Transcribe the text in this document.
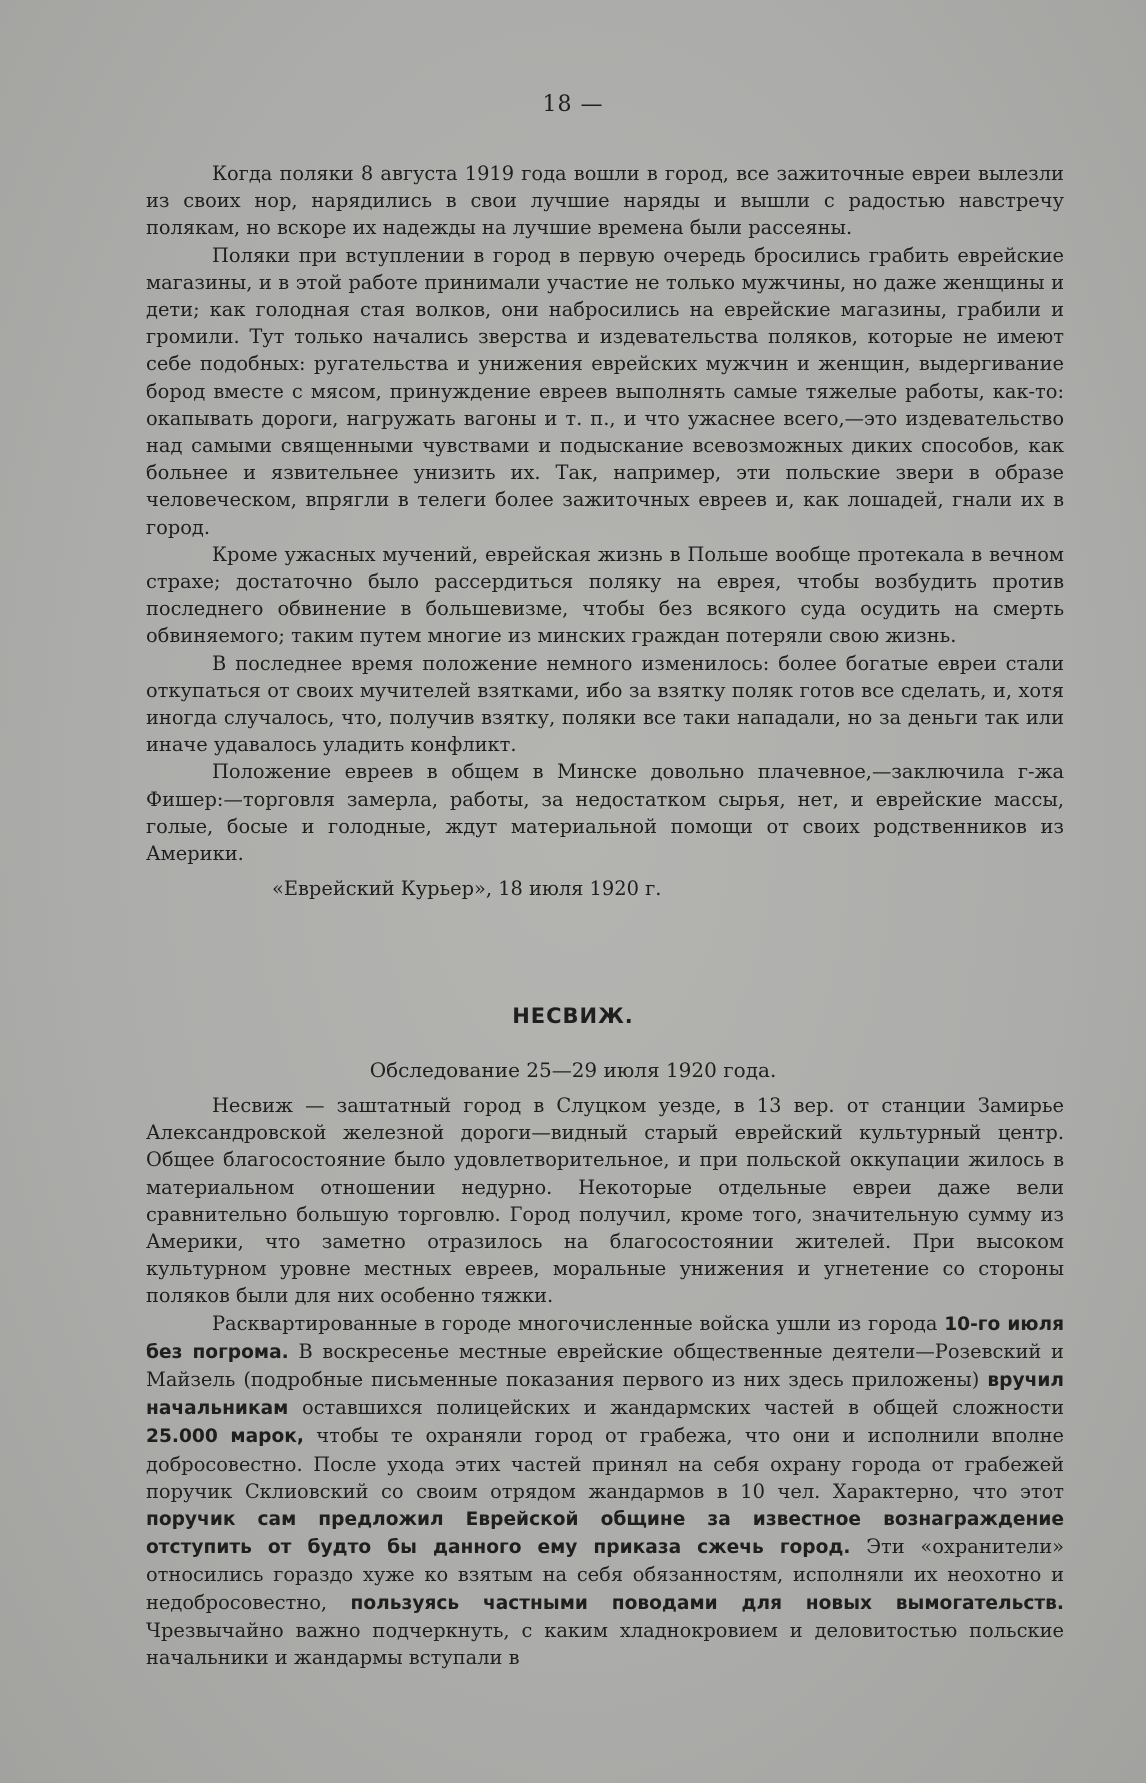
18 —

Когда поляки 8 августа 1919 года вошли в город, все зажиточные евреи вылезли из своих нор, нарядились в свои лучшие наряды и вышли с радостью навстречу полякам, но вскоре их надежды на лучшие времена были рассеяны.

Поляки при вступлении в город в первую очередь бросились грабить еврейские магазины, и в этой работе принимали участие не только мужчины, но даже женщины и дети; как голодная стая волков, они набросились на еврейские магазины, грабили и громили. Тут только начались зверства и издевательства поляков, которые не имеют себе подобных: ругательства и унижения еврейских мужчин и женщин, выдергивание бород вместе с мясом, принуждение евреев выполнять самые тяжелые работы, как-то: окапывать дороги, нагружать вагоны и т. п., и что ужаснее всего,—это издевательство над самыми священными чувствами и подыскание всевозможных диких способов, как больнее и язвительнее унизить их. Так, например, эти польские звери в образе человеческом, впрягли в телеги более зажиточных евреев и, как лошадей, гнали их в город.

Кроме ужасных мучений, еврейская жизнь в Польше вообще протекала в вечном страхе; достаточно было рассердиться поляку на еврея, чтобы возбудить против последнего обвинение в большевизме, чтобы без всякого суда осудить на смерть обвиняемого; таким путем многие из минских граждан потеряли свою жизнь.

В последнее время положение немного изменилось: более богатые евреи стали откупаться от своих мучителей взятками, ибо за взятку поляк готов все сделать, и, хотя иногда случалось, что, получив взятку, поляки все таки нападали, но за деньги так или иначе удавалось уладить конфликт.

Положение евреев в общем в Минске довольно плачевное,—заключила г-жа Фишер:—торговля замерла, работы, за недостатком сырья, нет, и еврейские массы, голые, босые и голодные, ждут материальной помощи от своих родственников из Америки.

«Еврейский Курьер», 18 июля 1920 г.

НЕСВИЖ.
Обследование 25—29 июля 1920 года.

Несвиж — заштатный город в Слуцком уезде, в 13 вер. от станции Замирье Александровской железной дороги—видный старый еврейский культурный центр. Общее благосостояние было удовлетворительное, и при польской оккупации жилось в материальном отношении недурно. Некоторые отдельные евреи даже вели сравнительно большую торговлю. Город получил, кроме того, значительную сумму из Америки, что заметно отразилось на благосостоянии жителей. При высоком культурном уровне местных евреев, моральные унижения и угнетение со стороны поляков были для них особенно тяжки.

Расквартированные в городе многочисленные войска ушли из города 10-го июля без погрома. В воскресенье местные еврейские общественные деятели—Розевский и Майзель (подробные письменные показания первого из них здесь приложены) вручил начальникам оставшихся полицейских и жандармских частей в общей сложности 25.000 марок, чтобы те охраняли город от грабежа, что они и исполнили вполне добросовестно. После ухода этих частей принял на себя охрану города от грабежей поручик Склиовский со своим отрядом жандармов в 10 чел. Характерно, что этот поручик сам предложил Еврейской общине за известное вознаграждение отступить от будто бы данного ему приказа сжечь город. Эти «охранители» относились гораздо хуже ко взятым на себя обязанностям, исполняли их неохотно и недобросовестно, пользуясь частными поводами для новых вымогательств. Чрезвычайно важно подчеркнуть, с каким хладнокровием и деловитостью польские начальники и жандармы вступали в
